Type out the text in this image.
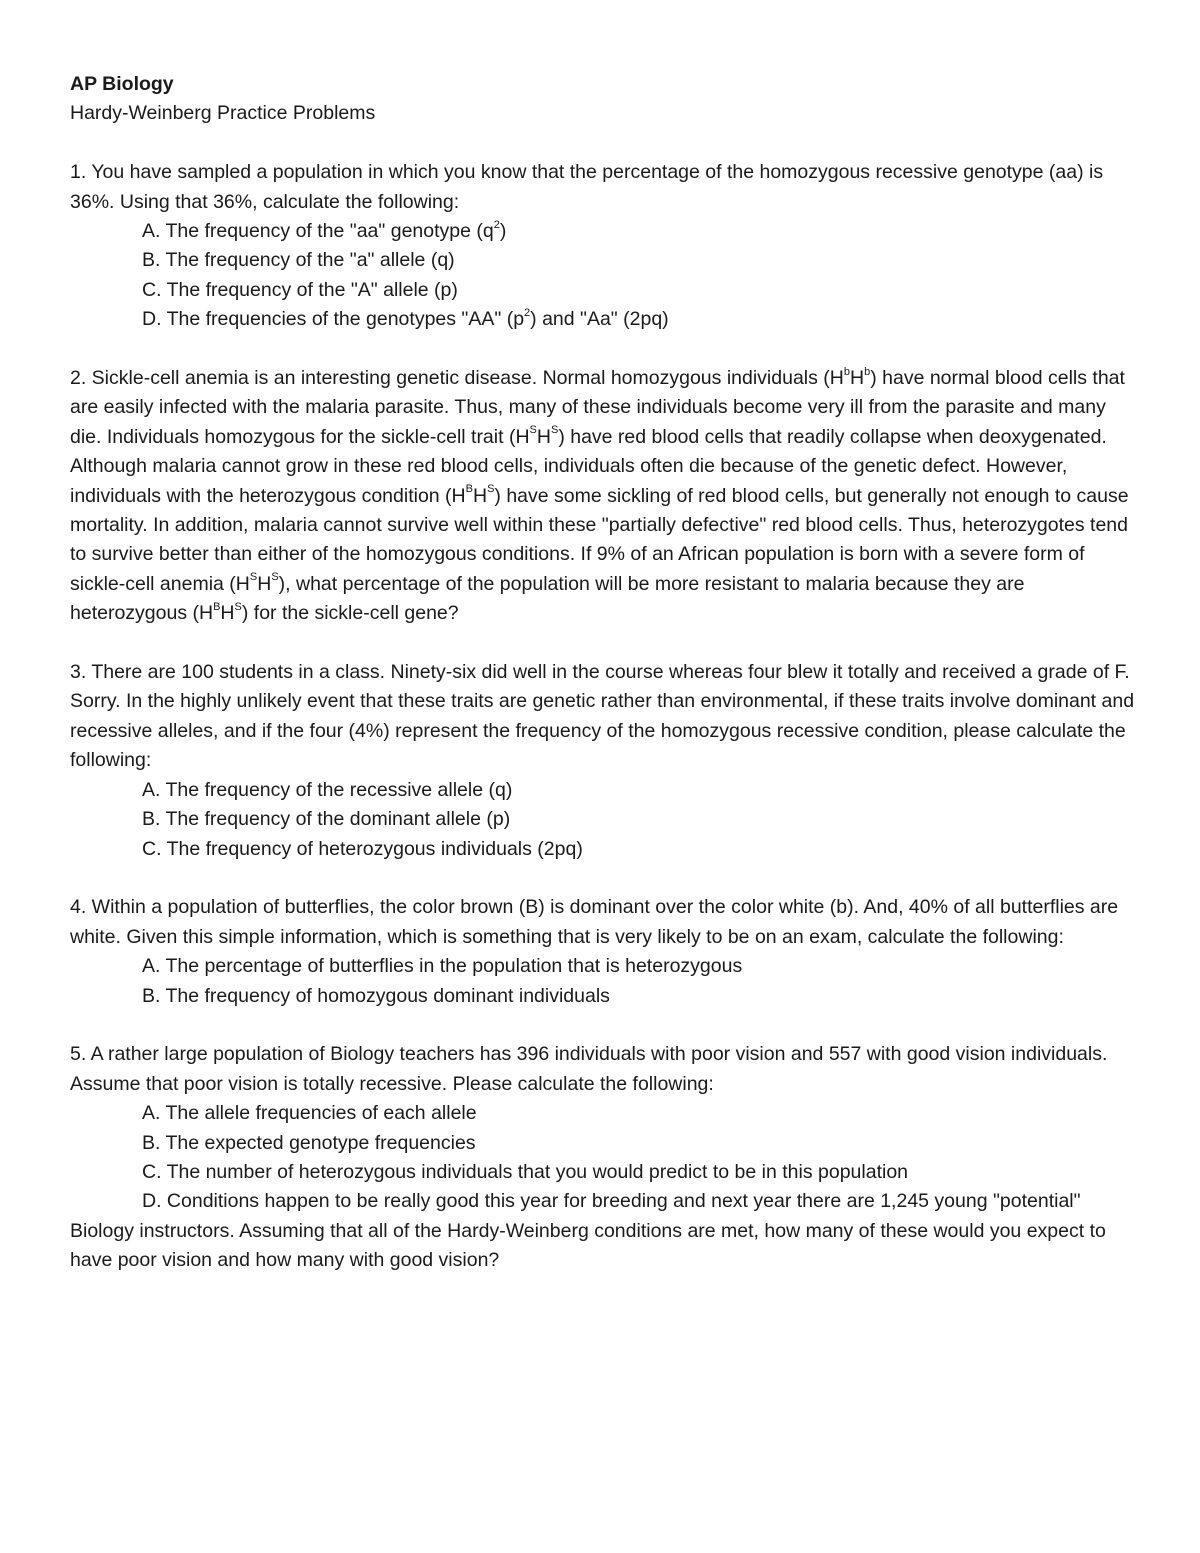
AP Biology

Hardy-Weinberg Practice Problems

1. You have sampled a population in which you know that the percentage of the homozygous recessive genotype (aa) is 36%. Using that 36%, calculate the following:

A. The frequency of the "aa" genotype $(q^2)$
B. The frequency of the "a" allele (q)
C. The frequency of the "A" allele (p)
D. The frequencies of the genotypes "AA" $(p^2)$ and "Aa" (2pq)

2. Sickle-cell anemia is an interesting genetic disease. Normal homozygous individuals $(H^bH^b)$ have normal blood cells that are easily infected with the malaria parasite. Thus, many of these individuals become very ill from the parasite and many die. Individuals homozygous for the sickle-cell trait $(H^SH^S)$ have red blood cells that readily collapse when deoxygenated. Although malaria cannot grow in these red blood cells, individuals often die because of the genetic defect. However, individuals with the heterozygous condition $(H^BH^S)$ have some sickling of red blood cells, but generally not enough to cause mortality. In addition, malaria cannot survive well within these "partially defective" red blood cells. Thus, heterozygotes tend to survive better than either of the homozygous conditions. If 9% of an African population is born with a severe form of sickle-cell anemia $(H^SH^S)$, what percentage of the population will be more resistant to malaria because they are heterozygous $(H^BH^S)$ for the sickle-cell gene?

3. There are 100 students in a class. Ninety-six did well in the course whereas four blew it totally and received a grade of F. Sorry. In the highly unlikely event that these traits are genetic rather than environmental, if these traits involve dominant and recessive alleles, and if the four (4%) represent the frequency of the homozygous recessive condition, please calculate the following:

A. The frequency of the recessive allele (q)
B. The frequency of the dominant allele (p)
C. The frequency of heterozygous individuals (2pq)

4. Within a population of butterflies, the color brown (B) is dominant over the color white (b). And, 40% of all butterflies are white. Given this simple information, which is something that is very likely to be on an exam, calculate the following:

A. The percentage of butterflies in the population that is heterozygous
B. The frequency of homozygous dominant individuals

5. A rather large population of Biology teachers has 396 individuals with poor vision and 557 with good vision individuals. Assume that poor vision is totally recessive. Please calculate the following:

A. The allele frequencies of each allele
B. The expected genotype frequencies
C. The number of heterozygous individuals that you would predict to be in this population
D. Conditions happen to be really good this year for breeding and next year there are 1,245 young "potential" Biology instructors. Assuming that all of the Hardy-Weinberg conditions are met, how many of these would you expect to have poor vision and how many with good vision?
